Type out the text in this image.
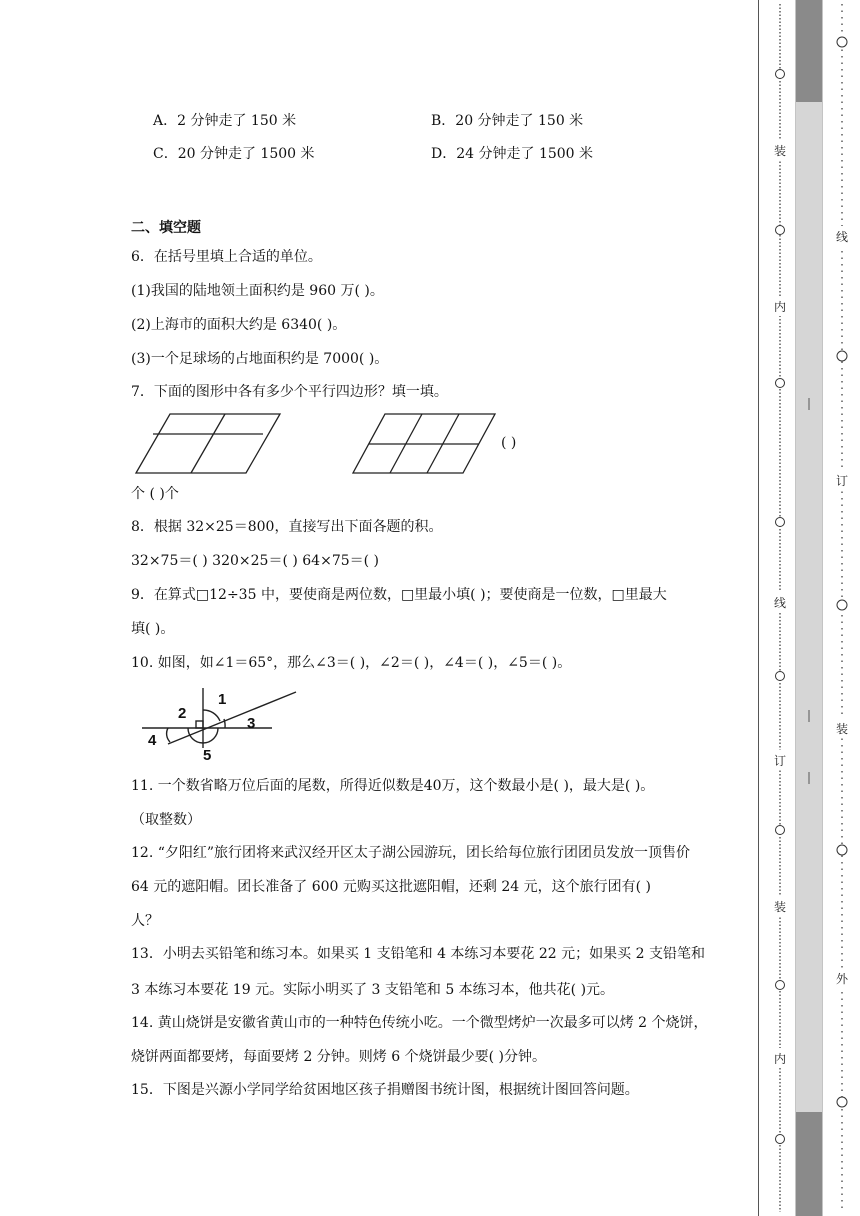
A．2 分钟走了 150 米	B．20 分钟走了 150 米
C．20 分钟走了 1500 米	D．24 分钟走了 1500 米
二、填空题
6．在括号里填上合适的单位。
(1)我国的陆地领土面积约是 960 万( )。
(2)上海市的面积大约是 6340( )。
(3)一个足球场的占地面积约是 7000( )。
7．下面的图形中各有多少个平行四边形？填一填。
( )
个 ( )个
8．根据 32×25＝800，直接写出下面各题的积。
32×75＝( ) 320×25＝( ) 64×75＝( )
9．在算式□12÷35 中，要使商是两位数，□里最小填( )；要使商是一位数，□里最大
填( )。
10. 如图，如∠1＝65°，那么∠3＝( )，∠2＝( )，∠4＝( )，∠5＝( )。
1
2
3
4
5
11. 一个数省略万位后面的尾数，所得近似数是40万，这个数最小是( )，最大是( )。
（取整数）
12. “夕阳红”旅行团将来武汉经开区太子湖公园游玩，团长给每位旅行团团员发放一顶售价
64 元的遮阳帽。团长准备了 600 元购买这批遮阳帽，还剩 24 元，这个旅行团有( )
人？
13．小明去买铅笔和练习本。如果买 1 支铅笔和 4 本练习本要花 22 元；如果买 2 支铅笔和
3 本练习本要花 19 元。实际小明买了 3 支铅笔和 5 本练习本，他共花( )元。
14. 黄山烧饼是安徽省黄山市的一种特色传统小吃。一个微型烤炉一次最多可以烤 2 个烧饼，
烧饼两面都要烤，每面要烤 2 分钟。则烤 6 个烧饼最少要( )分钟。
15．下图是兴源小学同学给贫困地区孩子捐赠图书统计图，根据统计图回答问题。
装
内
线
订
装
内
线
订
装
外
